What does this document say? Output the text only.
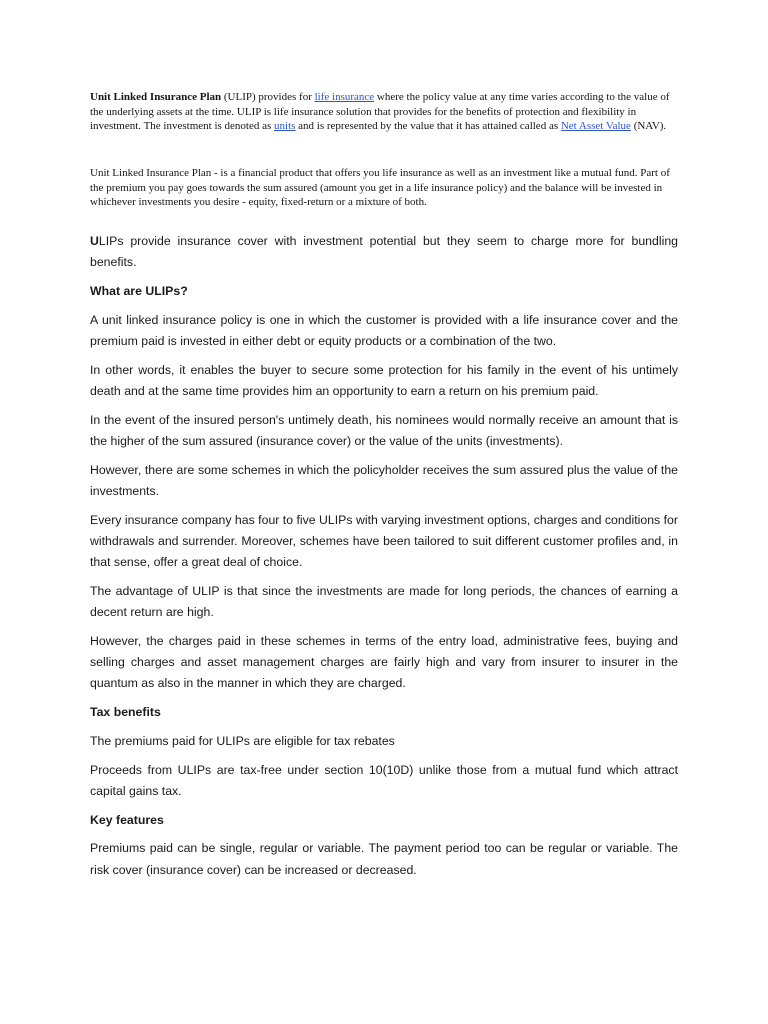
Unit Linked Insurance Plan (ULIP) provides for life insurance where the policy value at any time varies according to the value of the underlying assets at the time. ULIP is life insurance solution that provides for the benefits of protection and flexibility in investment. The investment is denoted as units and is represented by the value that it has attained called as Net Asset Value (NAV).

Unit Linked Insurance Plan - is a financial product that offers you life insurance as well as an investment like a mutual fund. Part of the premium you pay goes towards the sum assured (amount you get in a life insurance policy) and the balance will be invested in whichever investments you desire - equity, fixed-return or a mixture of both.

ULIPs provide insurance cover with investment potential but they seem to charge more for bundling benefits.

What are ULIPs?

A unit linked insurance policy is one in which the customer is provided with a life insurance cover and the premium paid is invested in either debt or equity products or a combination of the two.

In other words, it enables the buyer to secure some protection for his family in the event of his untimely death and at the same time provides him an opportunity to earn a return on his premium paid.

In the event of the insured person's untimely death, his nominees would normally receive an amount that is the higher of the sum assured (insurance cover) or the value of the units (investments).

However, there are some schemes in which the policyholder receives the sum assured plus the value of the investments.

Every insurance company has four to five ULIPs with varying investment options, charges and conditions for withdrawals and surrender. Moreover, schemes have been tailored to suit different customer profiles and, in that sense, offer a great deal of choice.

The advantage of ULIP is that since the investments are made for long periods, the chances of earning a decent return are high.

However, the charges paid in these schemes in terms of the entry load, administrative fees, buying and selling charges and asset management charges are fairly high and vary from insurer to insurer in the quantum as also in the manner in which they are charged.

Tax benefits

The premiums paid for ULIPs are eligible for tax rebates

Proceeds from ULIPs are tax-free under section 10(10D) unlike those from a mutual fund which attract capital gains tax.

Key features

Premiums paid can be single, regular or variable. The payment period too can be regular or variable. The risk cover (insurance cover) can be increased or decreased.
